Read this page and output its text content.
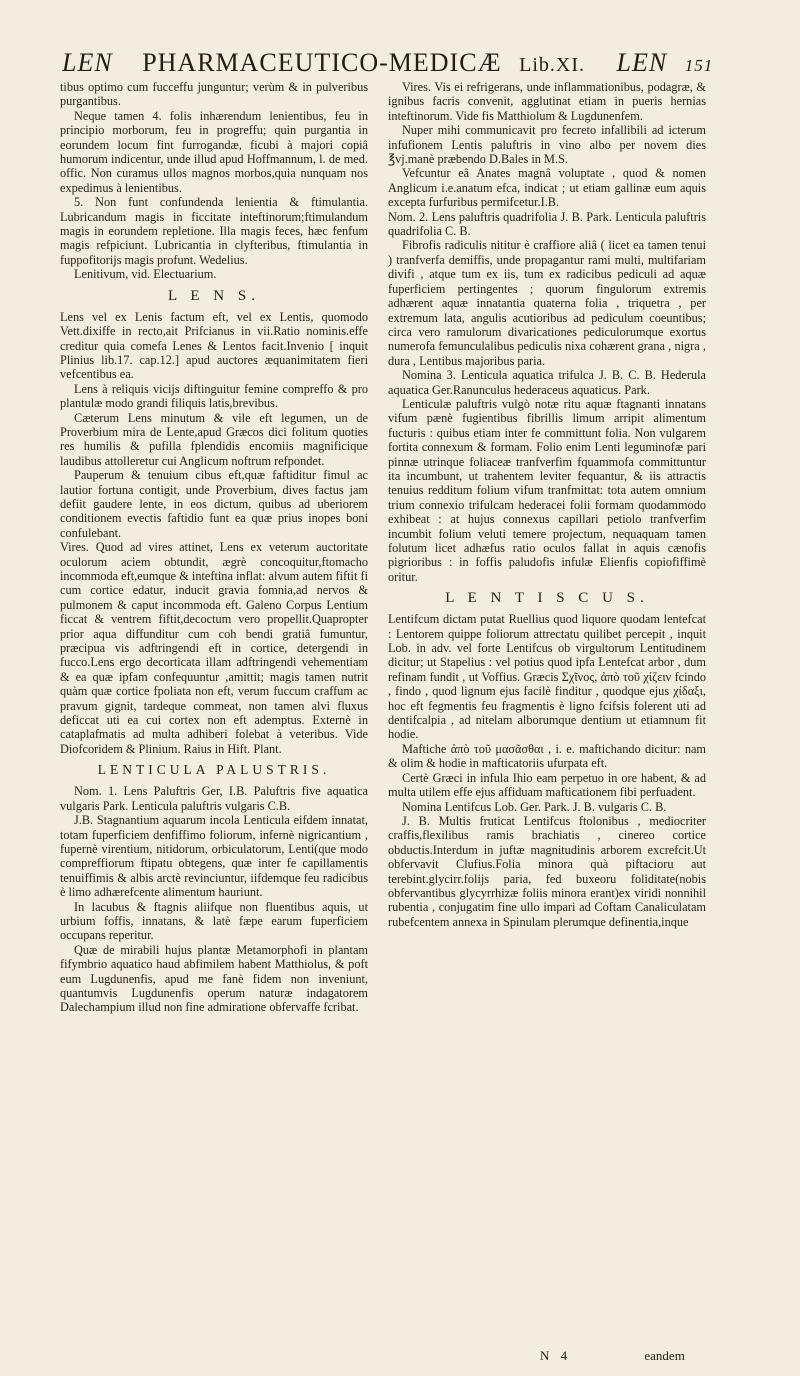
LEN PHARMACEUTICO-MEDICÆ Lib.XI. LEN 151

tibus optimo cum fucceffu junguntur; verùm & in pulveribus purgantibus.

Neque tamen 4. folis inhærendum lenientibus, feu in principio morborum, feu in progreffu; quin purgantia in eorundem locum fint furrogandæ, ficubi à majori copiâ humorum indicentur, unde illud apud Hoffmannum, l. de med. offic. Non curamus ullos magnos morbos,quia nunquam nos expedimus à lenientibus.

5. Non funt confundenda lenientia & ftimulantia. Lubricandum magis in ficcitate inteftinorum;ftimulandum magis in eorundem repletione. Illa magis feces, hæc fenfum magis refpiciunt. Lubricantia in clyfteribus, ftimulantia in fuppofitorijs magis profunt. Wedelius.

Lenitivum, vid. Electuarium.

L E N S.

Lens vel ex Lenis factum eft, vel ex Lentis, quomodo Vett.dixiffe in recto,ait Prifcianus in vii.Ratio nominis.effe creditur quia comefa Lenes & Lentos facit.Invenio [ inquit Plinius lib.17. cap.12.] apud auctores æquanimitatem fieri vefcentibus ea.

Lens à reliquis vicijs diftinguitur femine compreffo & pro plantulæ modo grandi filiquis latis,brevibus.

Cæterum Lens minutum & vile eft legumen, un de Proverbium mira de Lente,apud Græcos dici folitum quoties res humilis & pufilla fplendidis encomiis magnificique laudibus attolleretur cui Anglicum noftrum refpondet.

Pauperum & tenuium cibus eft,quæ faftiditur fimul ac lautior fortuna contigit, unde Proverbium, dives factus jam defiit gaudere lente, in eos dictum, quibus ad uberiorem conditionem evectis faftidio funt ea quæ prius inopes boni confulebant.

Vires. Quod ad vires attinet, Lens ex veterum auctoritate oculorum aciem obtundit, ægrè concoquitur,ftomacho incommoda eft,eumque & inteftina inflat: alvum autem fiftit fi cum cortice edatur, inducit gravia fomnia,ad nervos & pulmonem & caput incommoda eft. Galeno Corpus Lentium ficcat & ventrem fiftit,decoctum vero propellit.Quapropter prior aqua diffunditur cum coh bendi gratiâ fumuntur, præcipua vis adftringendi eft in cortice, detergendi in fucco.Lens ergo decorticata illam adftringendi vehementiam & ea quæ ipfam confequuntur ,amittit; magis tamen nutrit quàm quæ cortice fpoliata non eft, verum fuccum craffum ac pravum gignit, tardeque commeat, non tamen alvi fluxus deficcat uti ea cui cortex non eft ademptus. Externè in cataplafmatis ad multa adhiberi folebat à veteribus. Vide Diofcoridem & Plinium. Raius in Hift. Plant.

LENTICULA PALUSTRIS.

Nom. 1. Lens Paluftris Ger, I.B. Paluftris five aquatica vulgaris Park. Lenticula paluftris vulgaris C.B.

J.B. Stagnantium aquarum incola Lenticula eifdem innatat, totam fuperficiem denfiffimo foliorum, infernè nigricantium , fupernè virentium, nitidorum, orbiculatorum, Lenti(que modo compreffiorum ftipatu obtegens, quæ inter fe capillamentis tenuiffimis & albis arctè revinciuntur, iifdemque feu radicibus è limo adhærefcente alimentum hauriunt.

In lacubus & ftagnis aliifque non fluentibus aquis, ut urbium foffis, innatans, & latè fæpe earum fuperficiem occupans reperitur.

Quæ de mirabili hujus plantæ Metamorphofi in plantam fifymbrio aquatico haud abfimilem habent Matthiolus, & poft eum Lugdunenfis, apud me fanè fidem non inveniunt, quantumvis Lugdunenfis operum naturæ indagatorem Dalechampium illud non fine admiratione obfervaffe fcribat.

Vires. Vis ei refrigerans, unde inflammationibus, podagræ, & ignibus facris convenit, agglutinat etiam in pueris hernias inteftinorum. Vide fis Matthiolum & Lugdunenfem.

Nuper mihi communicavit pro fecreto infallibili ad icterum infufionem Lentis paluftris in vino albo per novem dies ℥vj.manè præbendo D.Bales in M.S.

Vefcuntur eâ Anates magnâ voluptate , quod & nomen Anglicum i.e.anatum efca, indicat ; ut etiam gallinæ eum aquis excepta furfuribus permifcetur.I.B.

Nom. 2. Lens paluftris quadrifolia J. B. Park. Lenticula paluftris quadrifolia C. B.

Fibrofis radiculis nititur è craffiore aliâ ( licet ea tamen tenui ) tranfverfa demiffis, unde propagantur rami multi, multifariam divifi , atque tum ex iis, tum ex radicibus pediculi ad aquæ fuperficiem pertingentes ; quorum fingulorum extremis adhærent aquæ innatantia quaterna folia , triquetra , per extremum lata, angulis acutioribus ad pediculum coeuntibus; circa vero ramulorum divaricationes pediculorumque exortus numerofa femunculalibus pediculis nixa cohærent grana , nigra , dura , Lentibus majoribus paria.

Nomina 3. Lenticula aquatica trifulca J. B. C. B. Hederula aquatica Ger.Ranunculus hederaceus aquaticus. Park.

Lenticulæ paluftris vulgò notæ ritu aquæ ftagnanti innatans vifum pænè fugientibus fibrillis limum arripit alimentum fucturis : quibus etiam inter fe committunt folia. Non vulgarem fortita connexum & formam. Folio enim Lenti leguminofæ pari pinnæ utrinque foliaceæ tranfverfim fquammofa committuntur ita incumbunt, ut trahentem leviter fequantur, & iis attractis tenuius redditum folium vifum tranfmittat: tota autem omnium trium connexio trifulcam hederacei folii formam quodammodo exhibeat : at hujus connexus capillari petiolo tranfverfim incumbit folium veluti temere projectum, nequaquam tamen folutum licet adhæfus ratio oculos fallat in aquis cænofis pigrioribus : in foffis paludofis infulæ Elienfis copiofiffimè oritur.

L E N T I S C U S.

Lentifcum dictam putat Ruellius quod liquore quodam lentefcat : Lentorem quippe foliorum attrectatu quilibet percepit , inquit Lob. in adv. vel forte Lentifcus ob virgultorum Lentitudinem dicitur; ut Stapelius : vel potius quod ipfa Lentefcat arbor , dum refinam fundit , ut Voffius. Græcis Σχῖνος, ἀπὸ τοῦ χίζειν fcindo , findo , quod lignum ejus facilè finditur , quodque ejus χίδαξι, hoc eft fegmentis feu fragmentis è ligno fcifsis folerent uti ad dentifcalpia , ad nitelam alborumque dentium ut etiamnum fit hodie.

Maftiche ἀπὸ τοῦ μασᾶσθαι , i. e. maftichando dicitur: nam & olim & hodie in mafticatoriis ufurpata eft.

Certè Græci in infula Ihio eam perpetuo in ore habent, & ad multa utilem effe ejus affiduam mafticationem fibi perfuadent.

Nomina Lentifcus Lob. Ger. Park. J. B. vulgaris C. B.

J. B. Multis fruticat Lentifcus ftolonibus , mediocriter craffis,flexilibus ramis brachiatis , cinereo cortice obductis.Interdum in juftæ magnitudinis arborem excrefcit.Ut obfervavit Clufius.Folia minora quà piftacioru aut terebint.glycirr.folijs paria, fed buxeoru foliditate(nobis obfervantibus glycyrrhizæ foliis minora erant)ex viridi nonnihil rubentia , conjugatim fine ullo impari ad Coftam Canaliculatam rubefcentem annexa in Spinulam plerumque definentia,inque

N 4	eandem
